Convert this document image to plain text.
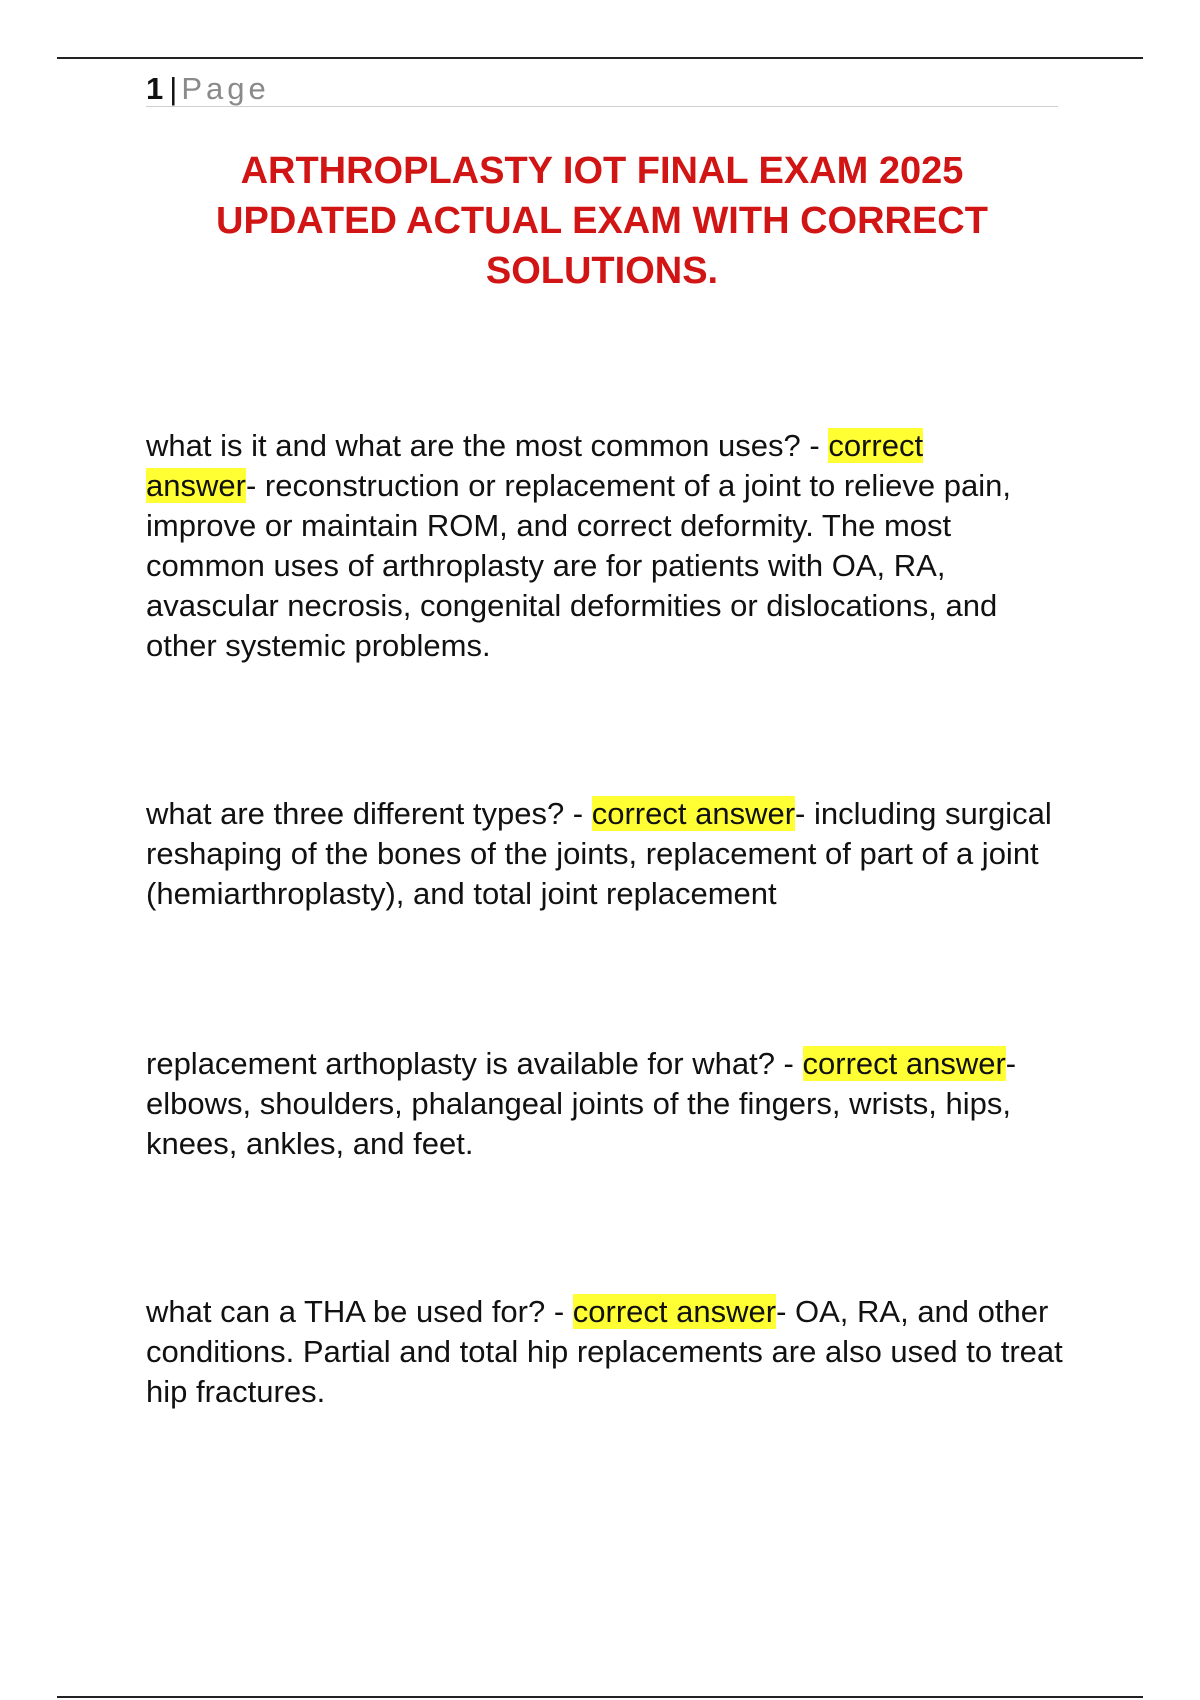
1 | Page
ARTHROPLASTY IOT FINAL EXAM 2025 UPDATED ACTUAL EXAM WITH CORRECT SOLUTIONS.

what is it and what are the most common uses? - correct
answer- reconstruction or replacement of a joint to relieve pain, improve or maintain ROM, and correct deformity. The most common uses of arthroplasty are for patients with OA, RA, avascular necrosis, congenital deformities or dislocations, and other systemic problems.

what are three different types? - correct answer- including surgical reshaping of the bones of the joints, replacement of part of a joint (hemiarthroplasty), and total joint replacement

replacement arthoplasty is available for what? - correct answer- elbows, shoulders, phalangeal joints of the fingers, wrists, hips, knees, ankles, and feet.

what can a THA be used for? - correct answer- OA, RA, and other conditions. Partial and total hip replacements are also used to treat hip fractures.
